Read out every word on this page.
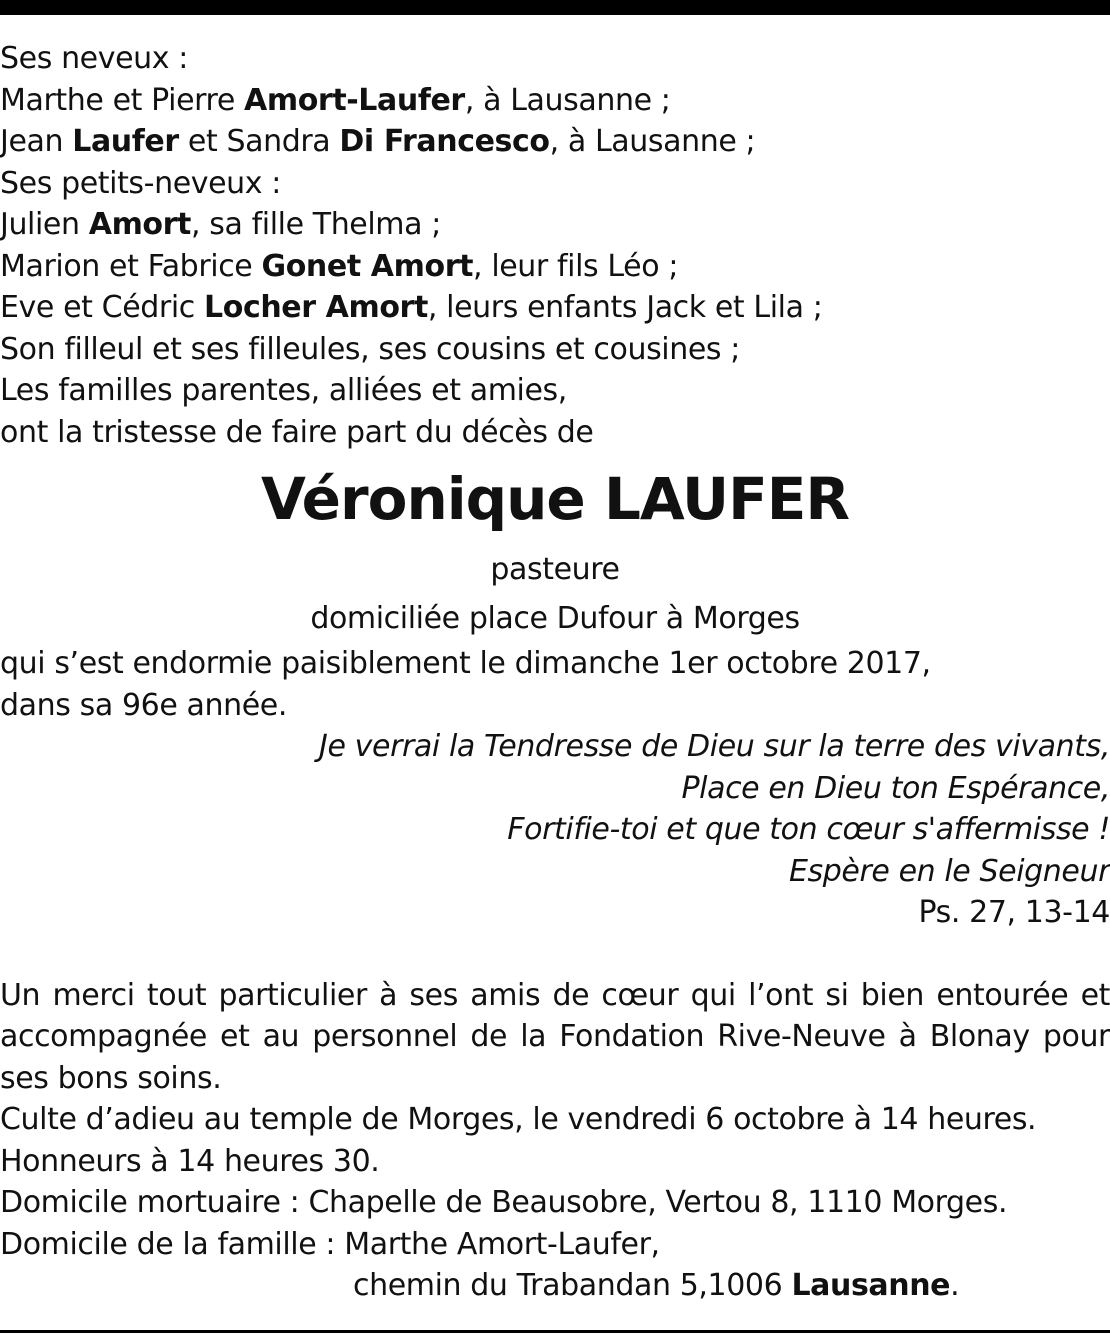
Ses neveux :
Marthe et Pierre Amort-Laufer, à Lausanne ;
Jean Laufer et Sandra Di Francesco, à Lausanne ;
Ses petits-neveux :
Julien Amort, sa fille Thelma ;
Marion et Fabrice Gonet Amort, leur fils Léo ;
Eve et Cédric Locher Amort, leurs enfants Jack et Lila ;
Son filleul et ses filleules, ses cousins et cousines ;
Les familles parentes, alliées et amies,
ont la tristesse de faire part du décès de
Véronique LAUFER
pasteure
domiciliée place Dufour à Morges
qui s’est endormie paisiblement le dimanche 1er octobre 2017,
dans sa 96e année.
Je verrai la Tendresse de Dieu sur la terre des vivants,
Place en Dieu ton Espérance,
Fortifie-toi et que ton cœur s'affermisse !
Espère en le Seigneur
Ps. 27, 13-14
Un merci tout particulier à ses amis de cœur qui l’ont si bien entourée et
accompagnée et au personnel de la Fondation Rive-Neuve à Blonay pour
ses bons soins.
Culte d’adieu au temple de Morges, le vendredi 6 octobre à 14 heures.
Honneurs à 14 heures 30.
Domicile mortuaire : Chapelle de Beausobre, Vertou 8, 1110 Morges.
Domicile de la famille : Marthe Amort-Laufer,
chemin du Trabandan 5,1006 Lausanne.
